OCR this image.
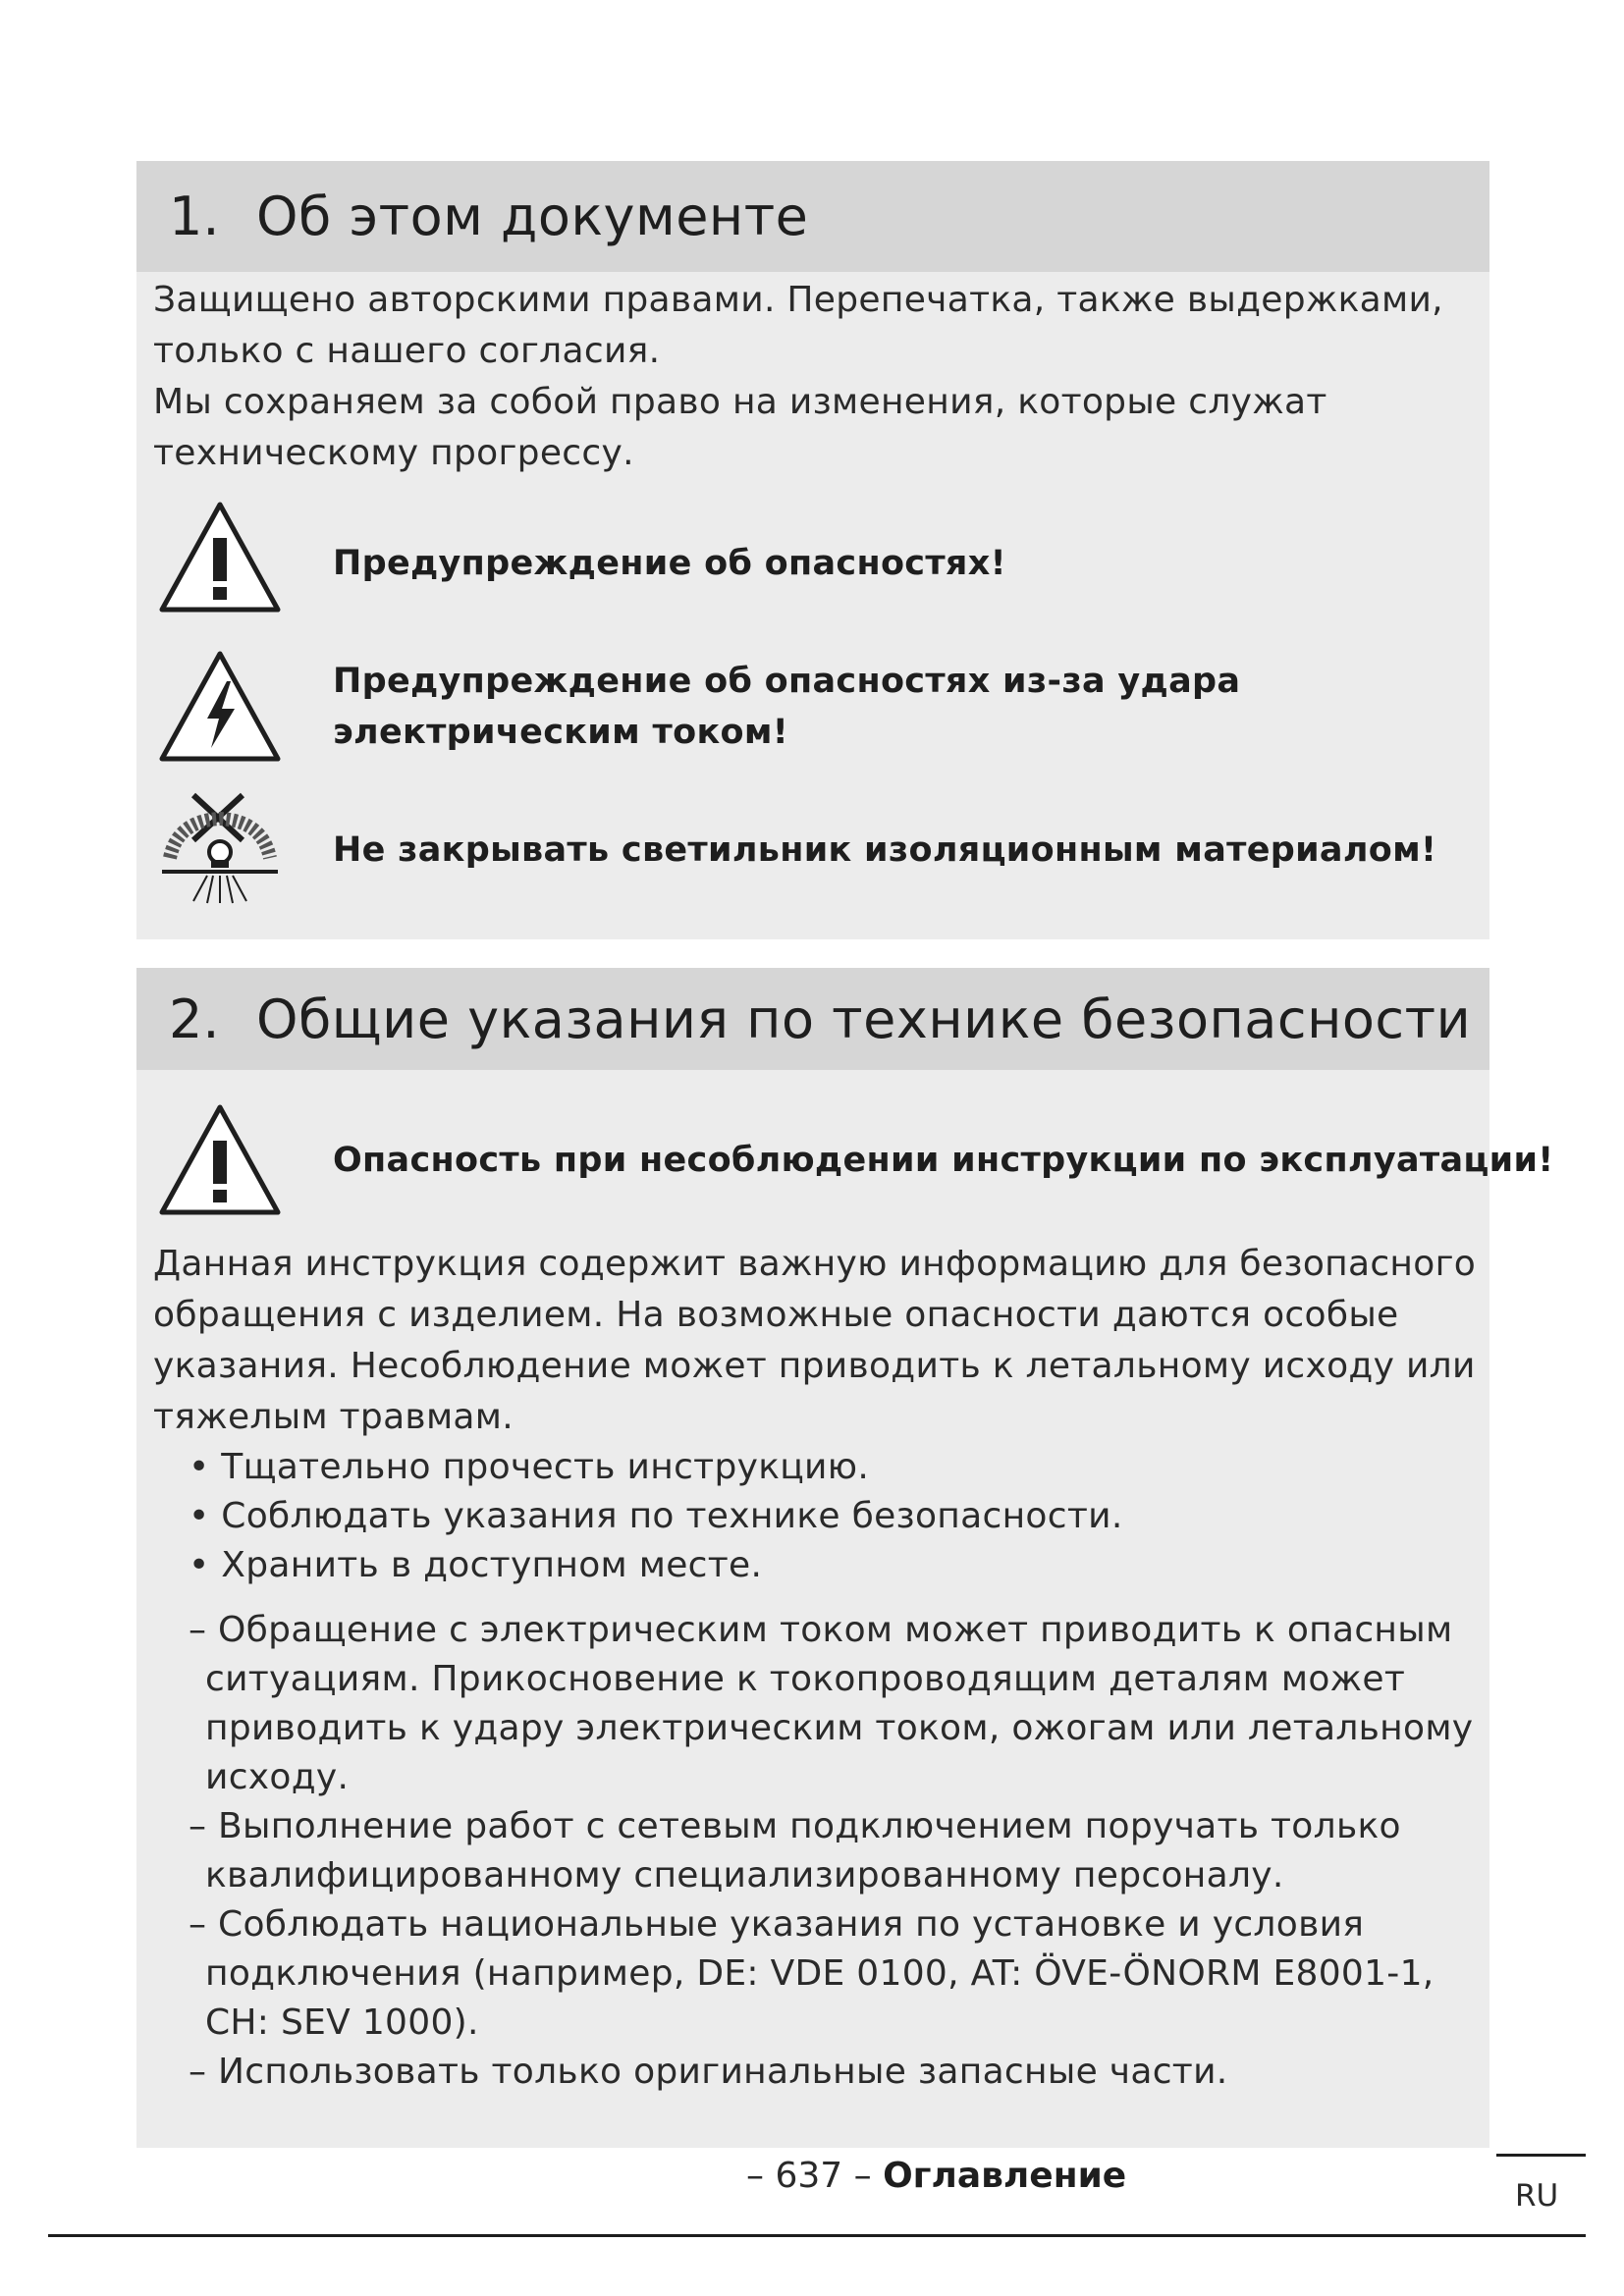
1. Об этом документе
Защищено авторскими правами. Перепечатка, также выдержками,
только с нашего согласия.
Мы сохраняем за собой право на изменения, которые служат
техническому прогрессу.
Предупреждение об опасностях!
Предупреждение об опасностях из-за удара
электрическим током!
Не закрывать светильник изоляционным материалом!
2. Общие указания по технике безопасности
Опасность при несоблюдении инструкции по эксплуатации!
Данная инструкция содержит важную информацию для безопасного
обращения с изделием. На возможные опасности даются особые
указания. Несоблюдение может приводить к летальному исходу или
тяжелым травмам.
• Тщательно прочесть инструкцию.
• Соблюдать указания по технике безопасности.
• Хранить в доступном месте.
– Обращение с электрическим током может приводить к опасным
ситуациям. Прикосновение к токопроводящим деталям может
приводить к удару электрическим током, ожогам или летальному
исходу.
– Выполнение работ с сетевым подключением поручать только
квалифицированному специализированному персоналу.
– Соблюдать национальные указания по установке и условия
подключения (например, DE: VDE 0100, AT: ÖVE-ÖNORM E8001-1,
CH: SEV 1000).
– Использовать только оригинальные запасные части.
– 637 – Оглавление	RU
